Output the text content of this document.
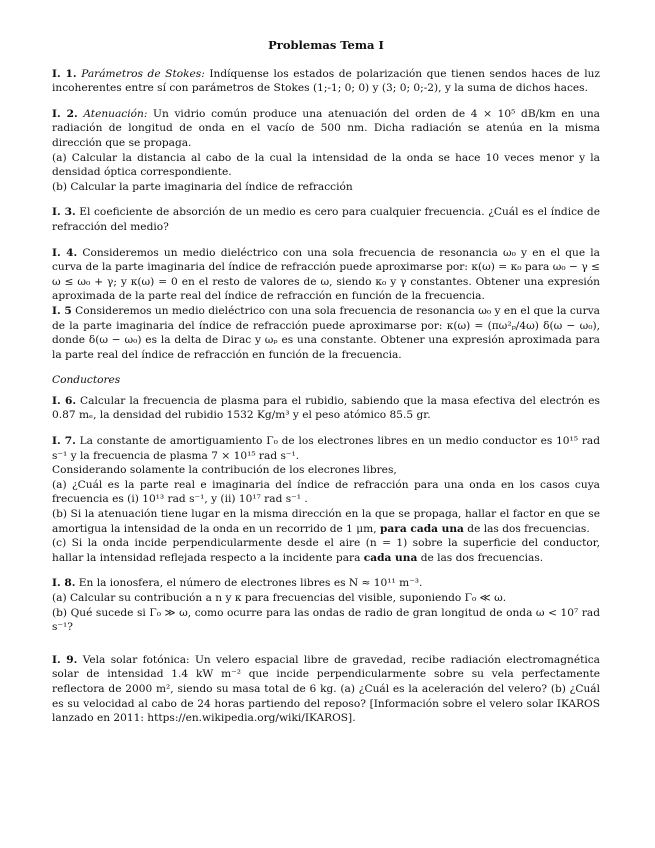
Problemas Tema I
I. 1. Parámetros de Stokes: Indíquense los estados de polarización que tienen sendos haces de luz incoherentes entre sí con parámetros de Stokes (1;-1; 0; 0) y (3; 0; 0;-2), y la suma de dichos haces.
I. 2. Atenuación: Un vidrio común produce una atenuación del orden de 4 × 10⁵ dB/km en una radiación de longitud de onda en el vacío de 500 nm. Dicha radiación se atenúa en la misma dirección que se propaga.
(a) Calcular la distancia al cabo de la cual la intensidad de la onda se hace 10 veces menor y la densidad óptica correspondiente.
(b) Calcular la parte imaginaria del índice de refracción
I. 3. El coeficiente de absorción de un medio es cero para cualquier frecuencia. ¿Cuál es el índice de refracción del medio?
I. 4. Consideremos un medio dieléctrico con una sola frecuencia de resonancia ω₀ y en el que la curva de la parte imaginaria del índice de refracción puede aproximarse por: κ(ω) = κ₀ para ω₀ − γ ≤ ω ≤ ω₀ + γ; y κ(ω) = 0 en el resto de valores de ω, siendo κ₀ y γ constantes. Obtener una expresión aproximada de la parte real del índice de refracción en función de la frecuencia.
I. 5 Consideremos un medio dieléctrico con una sola frecuencia de resonancia ω₀ y en el que la curva de la parte imaginaria del índice de refracción puede aproximarse por: κ(ω) = (πω²ₚ/4ω) δ(ω − ω₀), donde δ(ω − ω₀) es la delta de Dirac y ωₚ es una constante. Obtener una expresión aproximada para la parte real del índice de refracción en función de la frecuencia.
Conductores
I. 6. Calcular la frecuencia de plasma para el rubidio, sabiendo que la masa efectiva del electrón es 0.87 mₑ, la densidad del rubidio 1532 Kg/m³ y el peso atómico 85.5 gr.
I. 7. La constante de amortiguamiento Γ₀ de los electrones libres en un medio conductor es 10¹⁵ rad s⁻¹ y la frecuencia de plasma 7 × 10¹⁵ rad s⁻¹.
Considerando solamente la contribución de los elecrones libres,
(a) ¿Cuál es la parte real e imaginaria del índice de refracción para una onda en los casos cuya frecuencia es (i) 10¹³ rad s⁻¹, y (ii) 10¹⁷ rad s⁻¹ .
(b) Si la atenuación tiene lugar en la misma dirección en la que se propaga, hallar el factor en que se amortigua la intensidad de la onda en un recorrido de 1 μm, para cada una de las dos frecuencias.
(c) Si la onda incide perpendicularmente desde el aire (n = 1) sobre la superficie del conductor, hallar la intensidad reflejada respecto a la incidente para cada una de las dos frecuencias.
I. 8. En la ionosfera, el número de electrones libres es N ≈ 10¹¹ m⁻³.
(a) Calcular su contribución a n y κ para frecuencias del visible, suponiendo Γ₀ ≪ ω.
(b) Qué sucede si Γ₀ ≫ ω, como ocurre para las ondas de radio de gran longitud de onda ω < 10⁷ rad s⁻¹?
I. 9. Vela solar fotónica: Un velero espacial libre de gravedad, recibe radiación electromagnética solar de intensidad 1.4 kW m⁻² que incide perpendicularmente sobre su vela perfectamente reflectora de 2000 m², siendo su masa total de 6 kg. (a) ¿Cuál es la aceleración del velero? (b) ¿Cuál es su velocidad al cabo de 24 horas partiendo del reposo? [Información sobre el velero solar IKAROS lanzado en 2011: https://en.wikipedia.org/wiki/IKAROS].
